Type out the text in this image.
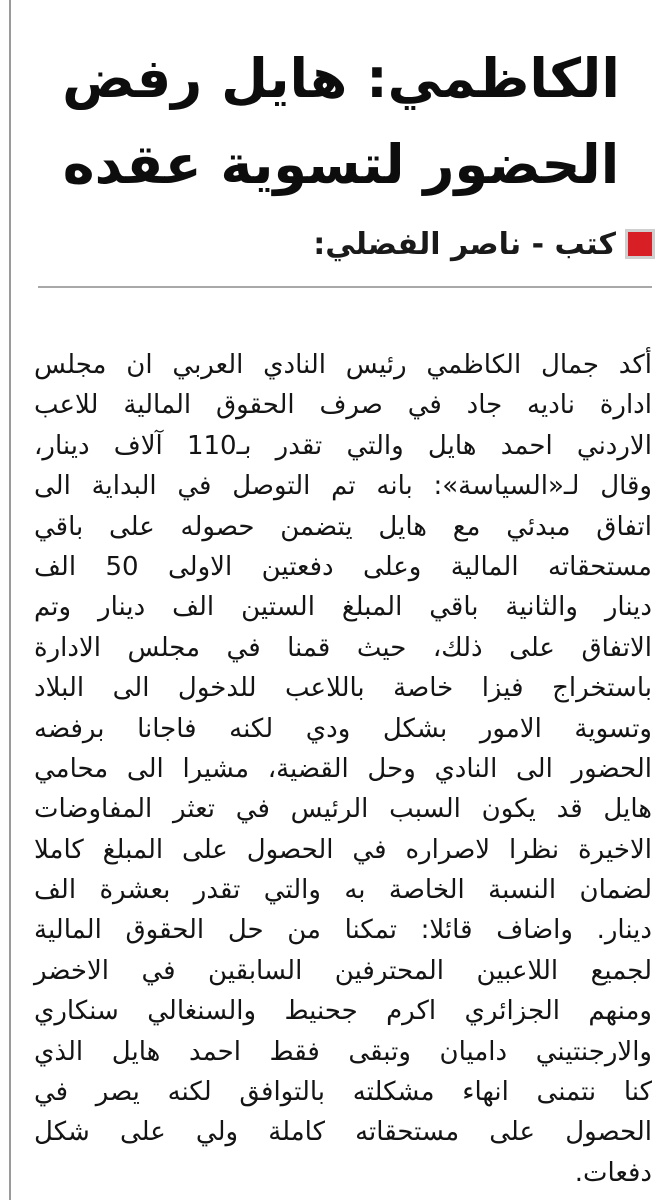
الكاظمي: هايل رفض
الحضور لتسوية عقده
كتب - ناصر الفضلي:
أكد جمال الكاظمي رئيس النادي العربي ان مجلس
ادارة ناديه جاد في صرف الحقوق المالية للاعب
الاردني احمد هايل والتي تقدر بـ110 آلاف دينار،
وقال لـ«السياسة»: بانه تم التوصل في البداية الى
اتفاق مبدئي مع هايل يتضمن حصوله على باقي
مستحقاته المالية وعلى دفعتين الاولى 50 الف
دينار والثانية باقي المبلغ الستين الف دينار وتم
الاتفاق على ذلك، حيث قمنا في مجلس الادارة
باستخراج فيزا خاصة باللاعب للدخول الى البلاد
وتسوية الامور بشكل ودي لكنه فاجانا برفضه
الحضور الى النادي وحل القضية، مشيرا الى محامي
هايل قد يكون السبب الرئيس في تعثر المفاوضات
الاخيرة نظرا لاصراره في الحصول على المبلغ كاملا
لضمان النسبة الخاصة به والتي تقدر بعشرة الف
دينار. واضاف قائلا: تمكنا من حل الحقوق المالية
لجميع اللاعبين المحترفين السابقين في الاخضر
ومنهم الجزائري اكرم جحنيط والسنغالي سنكاري
والارجنتيني داميان وتبقى فقط احمد هايل الذي
كنا نتمنى انهاء مشكلته بالتوافق لكنه يصر في
الحصول على مستحقاته كاملة ولي على شكل
دفعات.
